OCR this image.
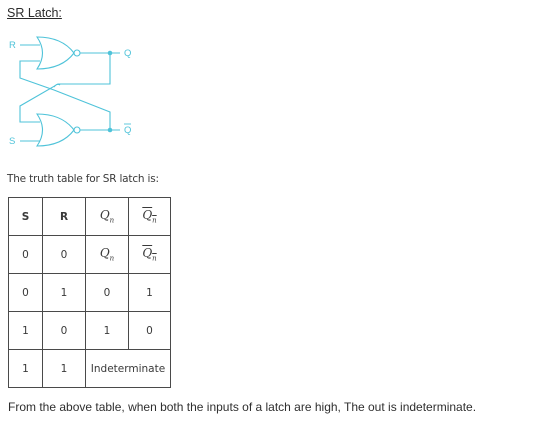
SR Latch:
R
S
Q
Q
The truth table for SR latch is:
S	R	$Q_n$	$Q_n$
0	0	$Q_n$	$Q_n$
0	1	0	1
1	0	1	0
1	1	Indeterminate	
From the above table, when both the inputs of a latch are high, The out is indeterminate.
